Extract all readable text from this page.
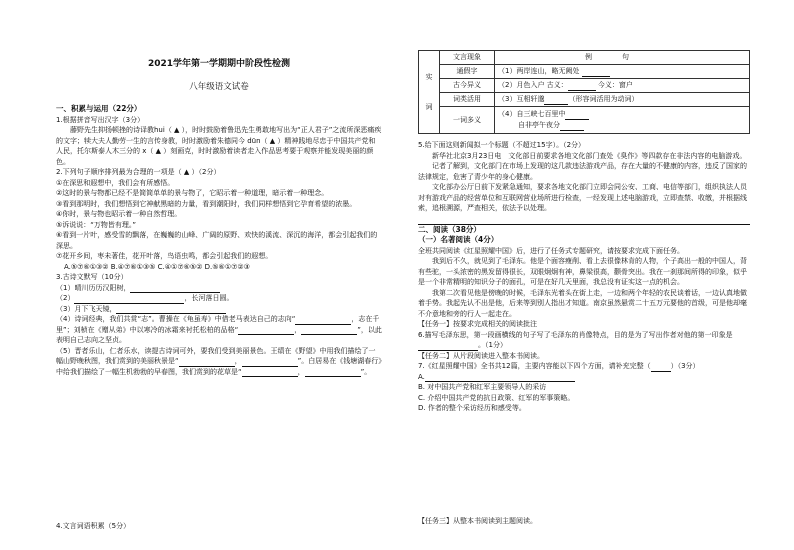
2021学年第一学期期中阶段性检测
八年级语文试卷

一、积累与运用（22分）

1.根据拼音写出汉字（3分）

藤野先生抑扬顿挫的诗译教hui（ ▲ ），时时鼓励着鲁迅先生勇敢地写出为“正人君子”之流所深恶痛疾的文字；犊大夫人勤劳一生的言传身教，时时激励着朱德同今 dūn（ ▲ ）精神践地尽忠于中国共产党和人民，托尔斯泰人木三分的 x（ ▲ ）刻画克，时时激励着读者走入作品思考要于观察并能发现美丽的颜色。

2.下列句子顺序排列最为合理的一项是（ ▲ ）（2分）

①在深思和遐想中，我们会有所感悟。

②这时的景与物都已经不是简简单单的景与物了，它昭示着一种道理，暗示着一种理念。

③看到那明时，我们想悟到它神献黑暗的力量，看到潮阳时，我们同样想悟到它孕育希望的浓墨。

④你时，景与物也昭示着一种自然哲理。

⑤诉说说：“万物皆有理。”

⑥看到一片叶，感受雪的飘落，在巍巍的山峰、广阔的原野、欢快的溪流、深沉的海洋，都会引起我们的深思。

⑦花开乡间，枣未著佳，花开叶落，鸟语虫鸣，都会引起我们的遐想。

A.⑤⑦⑥①③② B.④⑦⑥①③⑤ C.④①⑦⑥⑤② D.⑤⑥①⑦②③

3.古诗文默写（10分）

（1）晴川历历汉阳树，

（2）	，长河落日圆。

（3）月下飞天镜，

（4）诗词经典，我们共赏“志”。曹操在《龟虽寿》中借老马表达自己的志向“	，志在千里”；刘桢在《赠从弟》中以寒冷的冰霜来衬托松柏的品格“	，	”，以此表明自己志向之坚贞。

（5）晋者乐山，仁者乐水，读提古诗词可外，要我们受到美丽景色。王绩在《野望》中用我们描绘了一幅山野晚秋图，我们赏到的美丽秋景是“	，	”。白居易在《钱塘湖春行》中给我们描绘了一幅生机勃勃的早春图，我们赏到的花草是“	，	”。

4.文言词语积累（5分）

实 词	文言现象	例句
	通假字	（1）两岸连山，略无阙处
	古今异义	（2）月色入户 古义： 今义：窗户
	词类活用	（3）互相轩邈 （形容词活用为动词）
	一词多义	（4）自三峡七百里中
自非亭午夜分

5.给下面这则新闻拟一个标题（不超过15字）。（2分）

新华社北京3月23日电　文化部日前要求各地文化部门查处《臭作》等四款存在非法内容的电脑游戏。

记者了解到，文化部门在市场上发现的这几款违法游戏产品，存在大量的不健康的内容，违反了国家的法律规定，危害了青少年的身心健康。

文化部办公厅日前下发紧急通知，要求各地文化部门立即会同公安、工商、电信等部门，组织执法人员对有游戏产品的经营单位和互联网营业场所进行检查，一经发现上述电脑游戏，立即查禁、收缴，并根据线索，追根溯源，严查相关，依法予以处理。

二、阅读（38分）

（一）名著阅读（4分）

全班共同阅读《红星照耀中国》后，进行了任务式专题研究，请按要求完成下面任务。

我到后不久，就见到了毛泽东。他是个面容瘦削、看上去很像林肯的人物，个子高出一般的中国人，背有些驼，一头浓密的黑发留得很长，双眼炯炯有神，鼻梁很高，颧骨突出。我在一刹那间所得的印象，似乎是一个非常精明的知识分子的面孔，可是在好几天里面，我总没有证实这一点的机会。

我第二次看见他是傍晚的时候，毛泽东光着头在街上走，一边和两个年轻的农民谈着话，一边认真地做着手势。我起先认不出是他，后来等到别人指出才知道。南京虽然悬赏二十五万元要他的首级，可是他却毫不介意地和旁的行人一起走在。

【任务一】按要求完成相关的阅读批注

6.描写毛泽东思，第一段画横线的句子写了毛泽东的肖像特点，目的是为了写出作者对他的第一印象是。（1分）

【任务二】从片段阅读进入整本书阅读。

7.《红星照耀中国》全书共12篇，主要内容能以下四个方面，请补充完整（	）（3分）

A.

B. 对中国共产党和红军主要领导人的采访

C. 介绍中国共产党的抗日政策、红军的军事策略。

D. 作者的整个采访经历和感受等。

【任务三】从整本书阅读到主题阅读。
